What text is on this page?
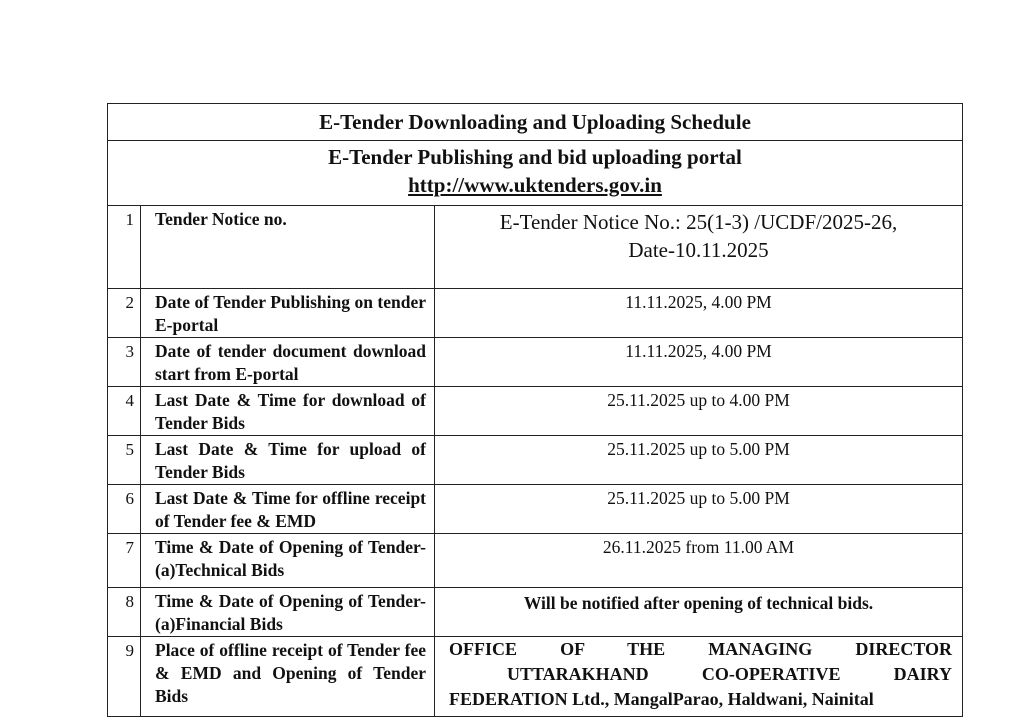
E-Tender Downloading and Uploading Schedule		

E-Tender Publishing and bid uploading portal
http://www.uktenders.gov.in		

1	Tender Notice no.	E-Tender Notice No.: 25(1-3) /UCDF/2025-26,
Date-10.11.2025

2	Date of Tender Publishing on tender E-portal	11.11.2025, 4.00 PM
3	Date of tender document download start from E-portal	11.11.2025, 4.00 PM
4	Last Date & Time for download of Tender Bids	25.11.2025 up to 4.00 PM
5	Last Date & Time for upload of Tender Bids	25.11.2025 up to 5.00 PM
6	Last Date & Time for offline receipt of Tender fee & EMD	25.11.2025 up to 5.00 PM
7	Time & Date of Opening of Tender- (a)Technical Bids	26.11.2025 from 11.00 AM
8	Time & Date of Opening of Tender- (a)Financial Bids	Will be notified after opening of technical bids.
9	Place of offline receipt of Tender fee & EMD and Opening of Tender Bids	OFFICE OF THE MANAGING DIRECTOR
UTTARAKHAND CO-OPERATIVE DAIRY
FEDERATION Ltd., MangalParao, Haldwani, Nainital
